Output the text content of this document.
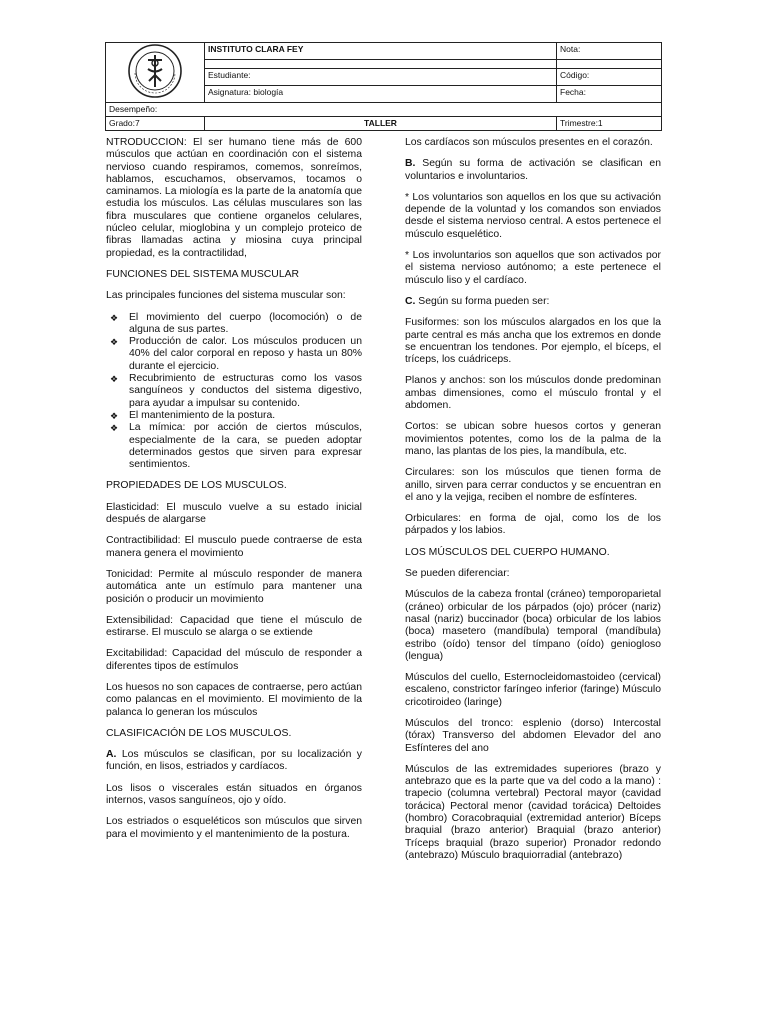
	INSTITUTO CLARA FEY	Nota:

	Estudiante:	Código:
	Asignatura: biología	Fecha:
Desempeño:		
Grado:7	TALLER	Trimestre:1

NTRODUCCION: El ser humano tiene más de 600 músculos que actúan en coordinación con el sistema nervioso cuando respiramos, comemos, sonreímos, hablamos, escuchamos, observamos, tocamos o caminamos. La miología es la parte de la anatomía que estudia los músculos. Las células musculares son las fibra musculares que contiene organelos celulares, núcleo celular, mioglobina y un complejo proteico de fibras llamadas actina y miosina cuya principal propiedad, es la contractilidad,

FUNCIONES DEL SISTEMA MUSCULAR

Las principales funciones del sistema muscular son:

❖ El movimiento del cuerpo (locomoción) o de alguna de sus partes.
❖ Producción de calor. Los músculos producen un 40% del calor corporal en reposo y hasta un 80% durante el ejercicio.
❖ Recubrimiento de estructuras como los vasos sanguíneos y conductos del sistema digestivo, para ayudar a impulsar su contenido.
❖ El mantenimiento de la postura.
❖ La mímica: por acción de ciertos músculos, especialmente de la cara, se pueden adoptar determinados gestos que sirven para expresar sentimientos.

PROPIEDADES DE LOS MUSCULOS.

Elasticidad: El musculo vuelve a su estado inicial después de alargarse

Contractibilidad: El musculo puede contraerse de esta manera genera el movimiento

Tonicidad: Permite al músculo responder de manera automática ante un estímulo para mantener una posición o producir un movimiento

Extensibilidad: Capacidad que tiene el músculo de estirarse. El musculo se alarga o se extiende

Excitabilidad: Capacidad del músculo de responder a diferentes tipos de estímulos

Los huesos no son capaces de contraerse, pero actúan como palancas en el movimiento. El movimiento de la palanca lo generan los músculos

CLASIFICACIÓN DE LOS MUSCULOS.

A. Los músculos se clasifican, por su localización y función, en lisos, estriados y cardíacos.

Los lisos o viscerales están situados en órganos internos, vasos sanguíneos, ojo y oído.

Los estriados o esqueléticos son músculos que sirven para el movimiento y el mantenimiento de la postura.

Los cardíacos son músculos presentes en el corazón.

B. Según su forma de activación se clasifican en voluntarios e involuntarios.

* Los voluntarios son aquellos en los que su activación depende de la voluntad y los comandos son enviados desde el sistema nervioso central. A estos pertenece el músculo esquelético.

* Los involuntarios son aquellos que son activados por el sistema nervioso autónomo; a este pertenece el músculo liso y el cardíaco.

C. Según su forma pueden ser:

Fusiformes: son los músculos alargados en los que la parte central es más ancha que los extremos en donde se encuentran los tendones. Por ejemplo, el bíceps, el tríceps, los cuádriceps.

Planos y anchos: son los músculos donde predominan ambas dimensiones, como el músculo frontal y el abdomen.

Cortos: se ubican sobre huesos cortos y generan movimientos potentes, como los de la palma de la mano, las plantas de los pies, la mandíbula, etc.

Circulares: son los músculos que tienen forma de anillo, sirven para cerrar conductos y se encuentran en el ano y la vejiga, reciben el nombre de esfínteres.

Orbiculares: en forma de ojal, como los de los párpados y los labios.

LOS MÚSCULOS DEL CUERPO HUMANO.

Se pueden diferenciar:

Músculos de la cabeza frontal (cráneo) temporoparietal (cráneo) orbicular de los párpados (ojo) prócer (nariz) nasal (nariz) buccinador (boca) orbicular de los labios (boca) masetero (mandíbula) temporal (mandíbula) estribo (oído) tensor del tímpano (oído) geniogloso (lengua)

Músculos del cuello, Esternocleidomastoideo (cervical) escaleno, constrictor faríngeo inferior (faringe) Músculo cricotiroideo (laringe)

Músculos del tronco: esplenio (dorso) Intercostal (tórax) Transverso del abdomen Elevador del ano Esfínteres del ano

Músculos de las extremidades superiores (brazo y antebrazo que es la parte que va del codo a la mano) : trapecio (columna vertebral) Pectoral mayor (cavidad torácica) Pectoral menor (cavidad torácica) Deltoides (hombro) Coracobraquial (extremidad anterior) Bíceps braquial (brazo anterior) Braquial (brazo anterior) Tríceps braquial (brazo superior) Pronador redondo (antebrazo) Músculo braquiorradial (antebrazo)
